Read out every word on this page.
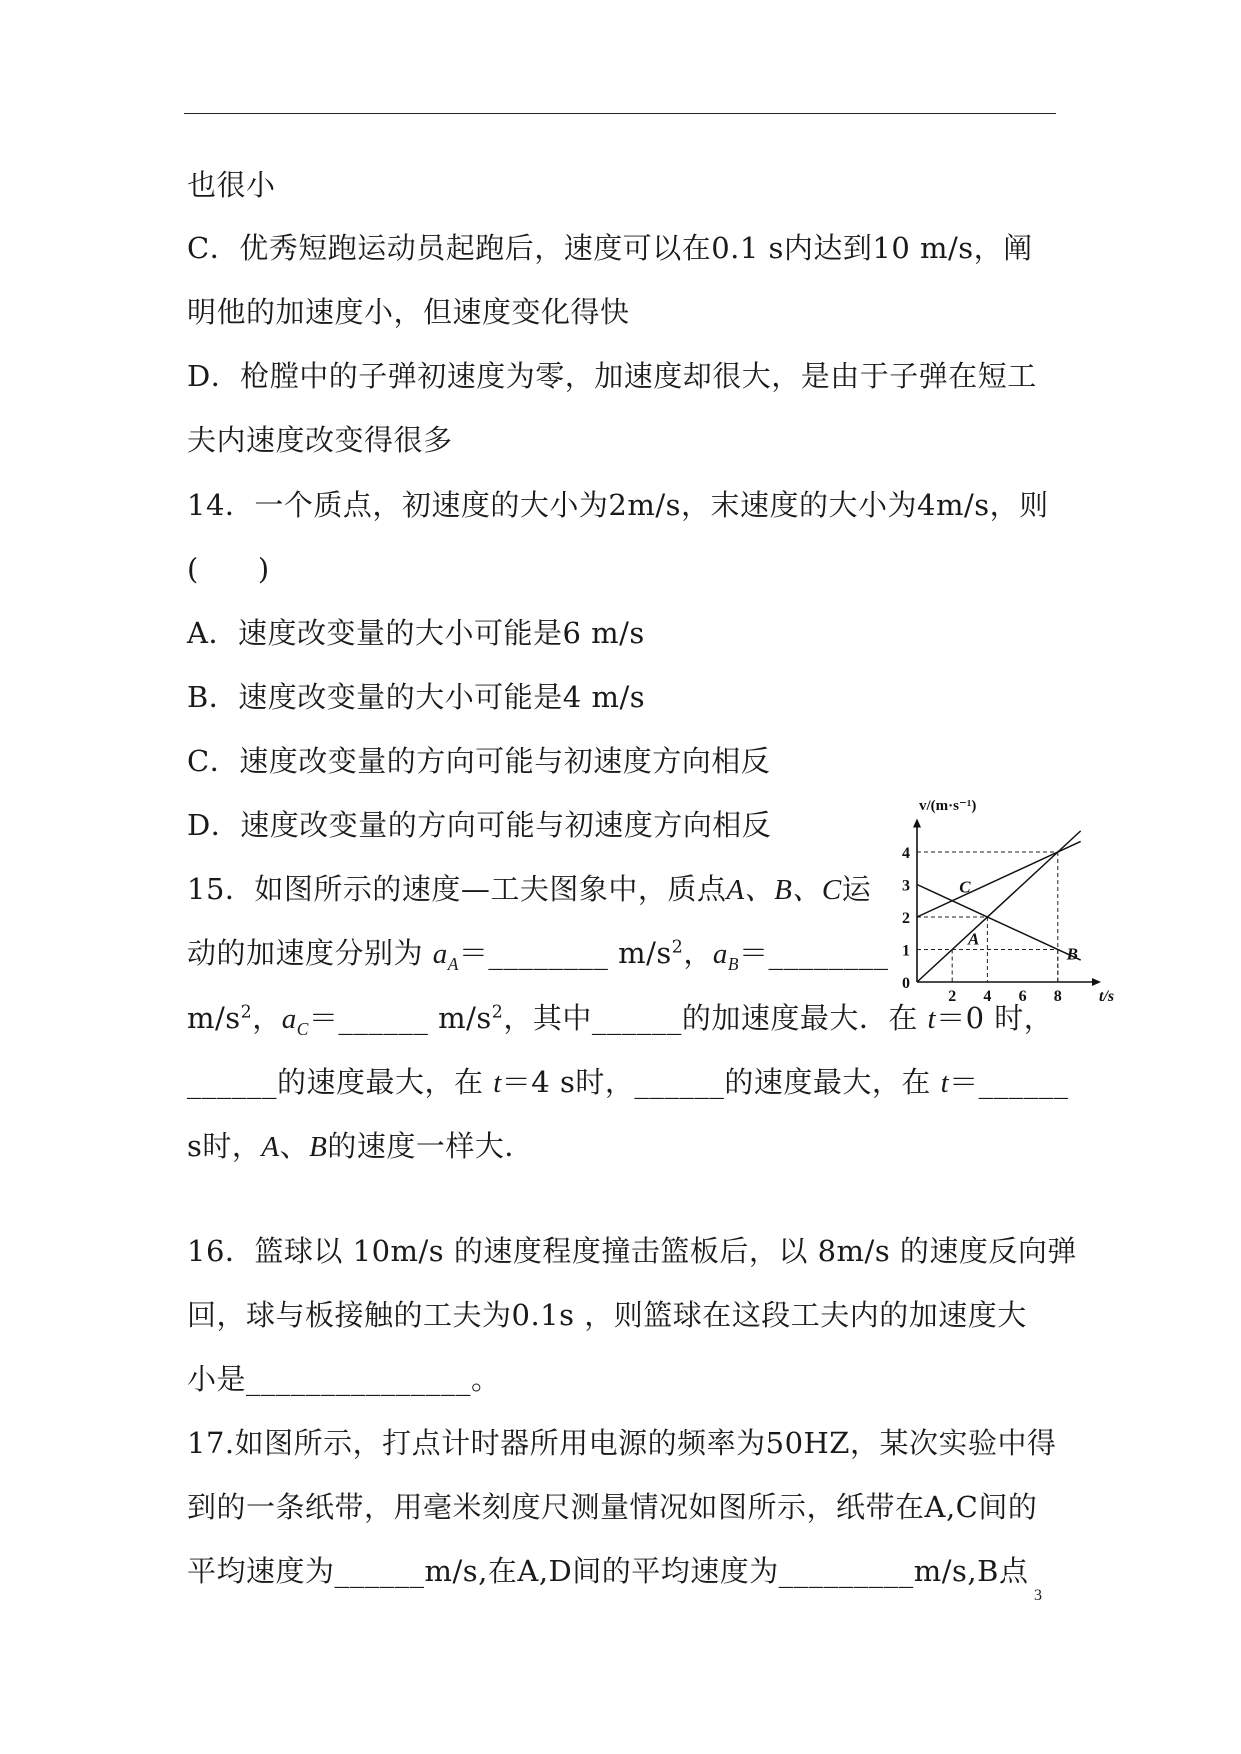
也很小
C．优秀短跑运动员起跑后，速度可以在0.1 s内达到10 m/s，阐
明他的加速度小，但速度变化得快
D．枪膛中的子弹初速度为零，加速度却很大，是由于子弹在短工
夫内速度改变得很多
14．一个质点，初速度的大小为2m/s，末速度的大小为4m/s，则
(　　)
A．速度改变量的大小可能是6 m/s
B．速度改变量的大小可能是4 m/s
C．速度改变量的方向可能与初速度方向相反
D．速度改变量的方向可能与初速度方向相反
15．如图所示的速度—工夫图象中，质点A、B、C运
动的加速度分别为 $a_A=\_\_\_\_\_\_\_\_$ $m/s^2$，$a_B=\_\_\_\_\_\_\_\_$
$m/s^2$，$a_C=\_\_\_\_\_\_$ $m/s^2$，其中______的加速度最大．在 t＝0 时，
______的速度最大，在 t＝4 s时，______的速度最大，在 t＝______
s时，A、B的速度一样大．
16．篮球以 10m/s 的速度程度撞击篮板后，以 8m/s 的速度反向弹
回，球与板接触的工夫为0.1s ，则篮球在这段工夫内的加速度大
小是_______________。
17.如图所示，打点计时器所用电源的频率为50HZ，某次实验中得
到的一条纸带，用毫米刻度尺测量情况如图所示，纸带在A,C间的
平均速度为______m/s,在A,D间的平均速度为_________m/s,B点
3
A
B
C
2 4 6 8
1
2
3
4
0
v/(m·s⁻¹)
t/s
